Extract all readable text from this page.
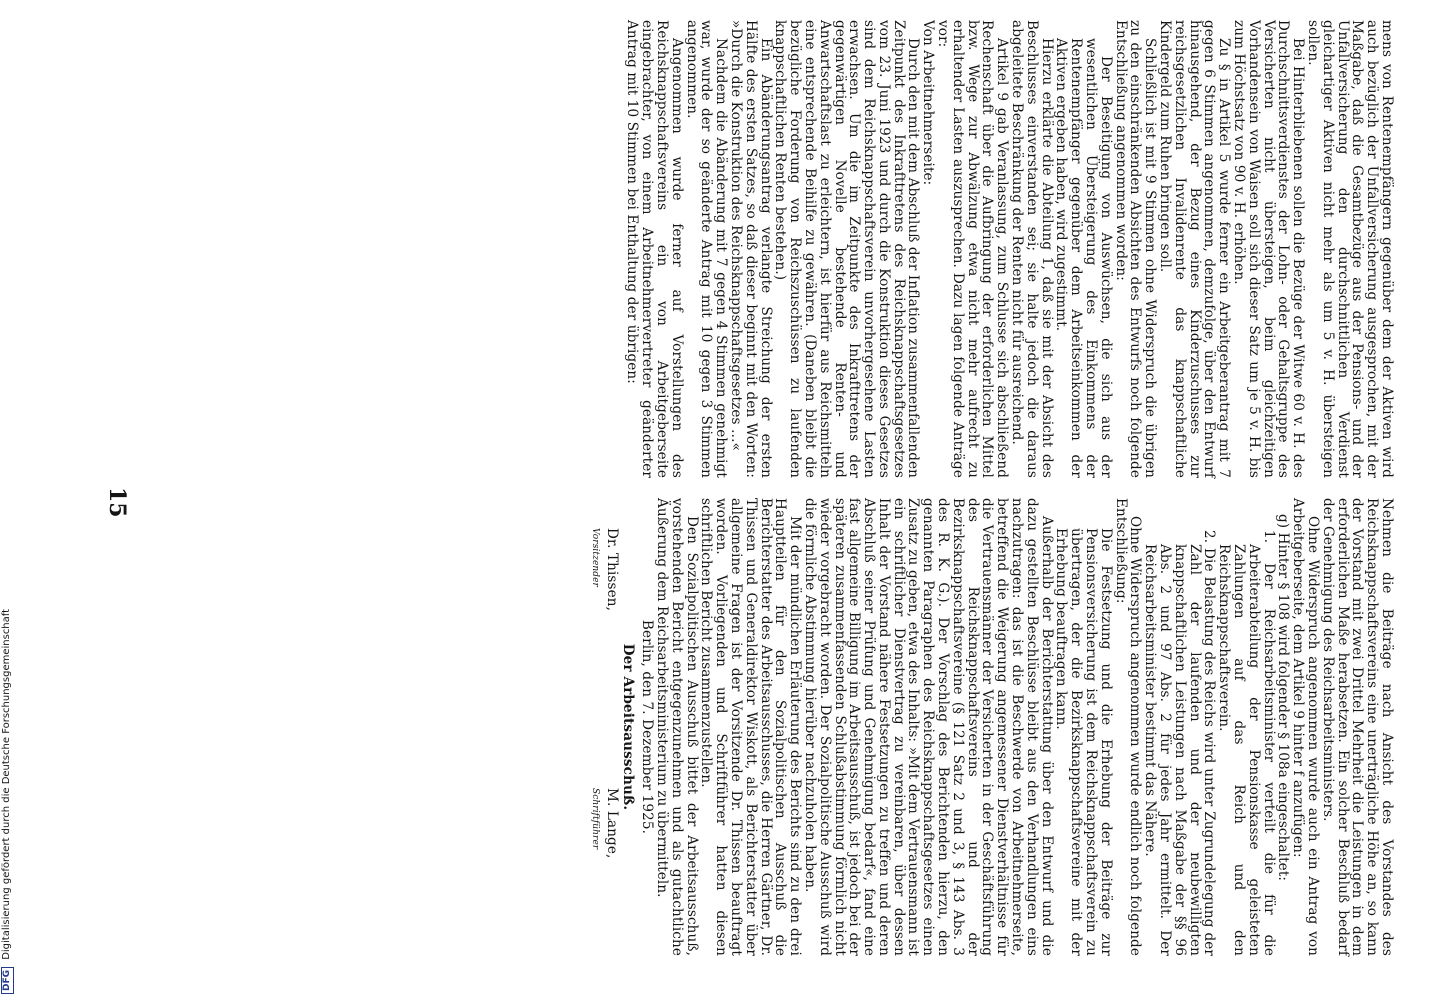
15	Nehmen die Beiträge nach Ansicht des Vorstandes des Reichsknappschaftsvereins eine unerträgliche Höhe an, so kann der Vorstand mit zwei Drittel Mehrheit die Leistungen in dem erforderlichen Maße herabsetzen. Ein solcher Beschluß bedarf der Genehmigung des Reichsarbeitsministers.

Ohne Widerspruch angenommen wurde auch ein Antrag von Arbeitgeberseite, dem Artikel 9 hinter f anzufügen:

g) Hinter § 108 wird folgender § 108a eingeschaltet:

1. Der Reichsarbeitsminister verteilt die für die Arbeiterabteilung der Pensionskasse geleisteten Zahlungen auf das Reich und den Reichsknappschaftsverein.

2. Die Belastung des Reichs wird unter Zugrundelegung der Zahl der laufenden und der neubewilligten knappschaftlichen Leistungen nach Maßgabe der §§ 96 Abs. 2 und 97 Abs. 2 für jedes Jahr ermittelt. Der Reichsarbeitsminister bestimmt das Nähere.

Ohne Widerspruch angenommen wurde endlich noch folgende Entschließung:

Die Festsetzung und die Erhebung der Beiträge zur Pensionsversicherung ist dem Reichsknappschaftsverein zu übertragen, der die Bezirksknappschaftsvereine mit der Erhebung beauftragen kann.

Außerhalb der Berichterstattung über den Entwurf und die dazu gestellten Beschlüsse bleibt aus den Verhandlungen eins nachzutragen: das ist die Beschwerde von Arbeitnehmerseite, betreffend die Weigerung angemessener Dienstverhältnisse für die Vertrauensmänner der Versicherten in der Geschäftsführung des Reichsknappschaftsvereins und der Bezirksknappschaftsvereine (§ 121 Satz 2 und 3, § 143 Abs. 3 des R. K. G.). Der Vorschlag des Berichtenden hierzu, den genannten Paragraphen des Reichsknappschaftsgesetzes einen Zusatz zu geben, etwa des Inhalts: »Mit dem Vertrauensmann ist ein schriftlicher Dienstvertrag zu vereinbaren, über dessen Inhalt der Vorstand nähere Festsetzungen zu treffen und deren Abschluß seiner Prüfung und Genehmigung bedarf«, fand eine fast allgemeine Billigung im Arbeitsausschuß, ist jedoch bei der späteren zusammenfassenden Schlußabstimmung förmlich nicht wieder vorgebracht worden. Der Sozialpolitische Ausschuß wird die förmliche Abstimmung hierüber nachzuholen haben.

Mit der mündlichen Erläuterung des Berichts sind zu den drei Hauptteilen für den Sozialpolitischen Ausschuß die Berichterstatter des Arbeitsausschusses, die Herren Gärtner, Dr. Thissen und Generaldirektor Wiskott, als Berichterstatter über allgemeine Fragen ist der Vorsitzende Dr. Thissen beauftragt worden. Vorliegenden und Schriftführer hatten diesen schriftlichen Bericht zusammenzustellen.

Den Sozialpolitischen Ausschuß bittet der Arbeitsausschuß, vorstehenden Bericht entgegenzunehmen und als gutachtliche Äußerung dem Reichsarbeitsministerium zu übermitteln.

Berlin, den 7. Dezember 1925.

Der Arbeitsausschuß.

Dr. Thissen,
Vorsitzender
M. Lange,
Schriftführer

mens von Rentenempfängern gegenüber dem der Aktiven wird auch bezüglich der Unfallversicherung ausgesprochen, mit der Maßgabe, daß die Gesamtbezüge aus der Pensions- und der Unfallversicherung den durchschnittlichen Verdienst gleichartiger Aktiven nicht mehr als um 5 v. H. übersteigen sollen.

Bei Hinterbliebenen sollen die Bezüge der Witwe 60 v. H. des Durchschnittsverdienstes der Lohn- oder Gehaltsgruppe des Versicherten nicht übersteigen, beim gleichzeitigen Vorhandensein von Waisen soll sich dieser Satz um je 5 v. H. bis zum Höchstsatz von 90 v. H. erhöhen.

Zu § in Artikel 5 wurde ferner ein Arbeitgeberantrag mit 7 gegen 6 Stimmen angenommen, demzufolge, über den Entwurf hinausgehend, der Bezug eines Kinderzuschusses zur reichsgesetzlichen Invalidenrente das knappschaftliche Kindergeld zum Ruhen bringen soll.

Schließlich ist mit 9 Stimmen ohne Widerspruch die übrigen zu den einschränkenden Absichten des Entwurfs noch folgende Entschließung angenommen worden:

Der Beseitigung von Auswüchsen, die sich aus der wesentlichen Übersteigerung des Einkommens der Rentenempfänger gegenüber dem Arbeitseinkommen der Aktiven ergeben haben, wird zugestimmt.

Hierzu erklärte die Abteilung 1, daß sie mit der Absicht des Beschlusses einverstanden sei; sie halte jedoch die daraus abgeleitete Beschränkung der Renten nicht für ausreichend.

Artikel 9 gab Veranlassung, zum Schlusse sich abschließend Rechenschaft über die Aufbringung der erforderlichen Mittel bzw. Wege zur Abwälzung etwa nicht mehr aufrecht zu erhaltender Lasten auszusprechen. Dazu lagen folgende Anträge vor:

Von Arbeitnehmerseite:

Durch den mit dem Abschluß der Inflation zusammenfallenden Zeitpunkt des Inkrafttretens des Reichsknappschaftsgesetzes vom 23. Juni 1923 und durch die Konstruktion dieses Gesetzes sind dem Reichsknappschaftsverein unvorhergesehene Lasten erwachsen. Um die im Zeitpunkte des Inkrafttretens der gegenwärtigen Novelle bestehende Renten- und Anwartschaftslast zu erleichtern, ist hierfür aus Reichsmitteln eine entsprechende Beihilfe zu gewähren. (Daneben bleibt die bezügliche Forderung von Reichszuschüssen zu laufenden knappschaftlichen Renten bestehen.)

Ein Abänderungsantrag verlangte Streichung der ersten Hälfte des ersten Satzes, so daß dieser beginnt mit den Worten: »Durch die Konstruktion des Reichsknappschaftsgesetzes …«

Nachdem die Abänderung mit 7 gegen 4 Stimmen genehmigt war, wurde der so geänderte Antrag mit 10 gegen 3 Stimmen angenommen.

Angenommen wurde ferner auf Vorstellungen des Reichsknappschaftsvereins ein von Arbeitgeberseite eingebrachter, von einem Arbeitnehmervertreter geänderter Antrag mit 10 Stimmen bei Enthaltung der übrigen:

DFG Digitalisierung gefördert durch die Deutsche Forschungsgemeinschaft
